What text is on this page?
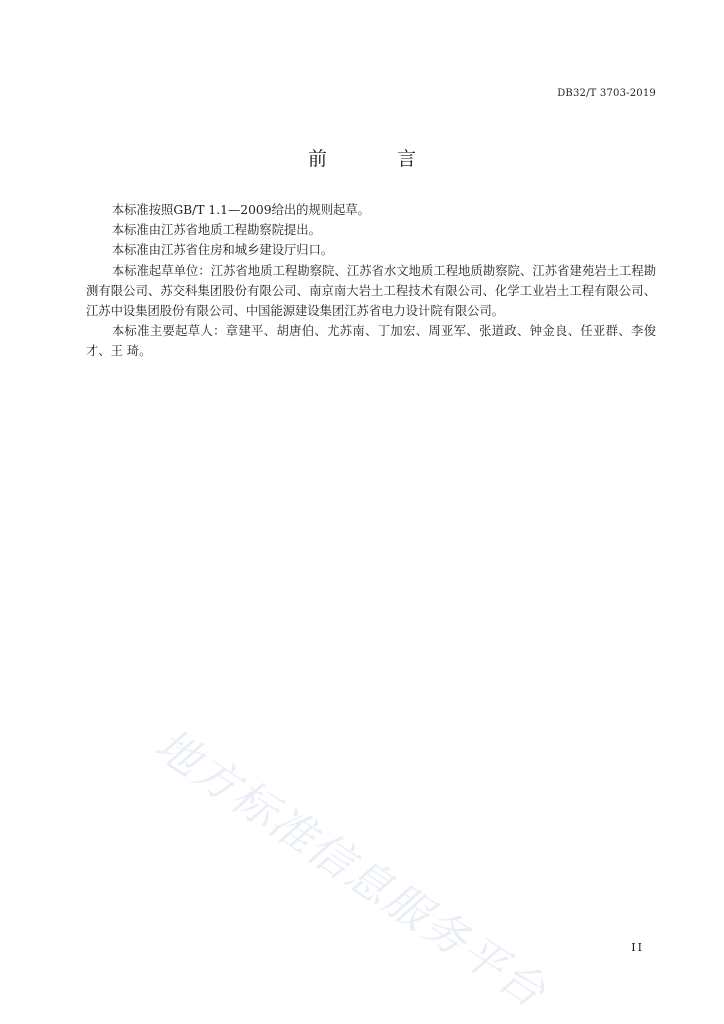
DB32/T 3703-2019
前 言

本标准按照GB/T 1.1—2009给出的规则起草。

本标准由江苏省地质工程勘察院提出。

本标准由江苏省住房和城乡建设厅归口。

本标准起草单位：江苏省地质工程勘察院、江苏省水文地质工程地质勘察院、江苏省建苑岩土工程勘测有限公司、苏交科集团股份有限公司、南京南大岩土工程技术有限公司、化学工业岩土工程有限公司、江苏中设集团股份有限公司、中国能源建设集团江苏省电力设计院有限公司。

本标准主要起草人：章建平、胡唐伯、尤苏南、丁加宏、周亚军、张道政、钟金良、任亚群、李俊才、王 琦。

地方标准信息服务平台	II
